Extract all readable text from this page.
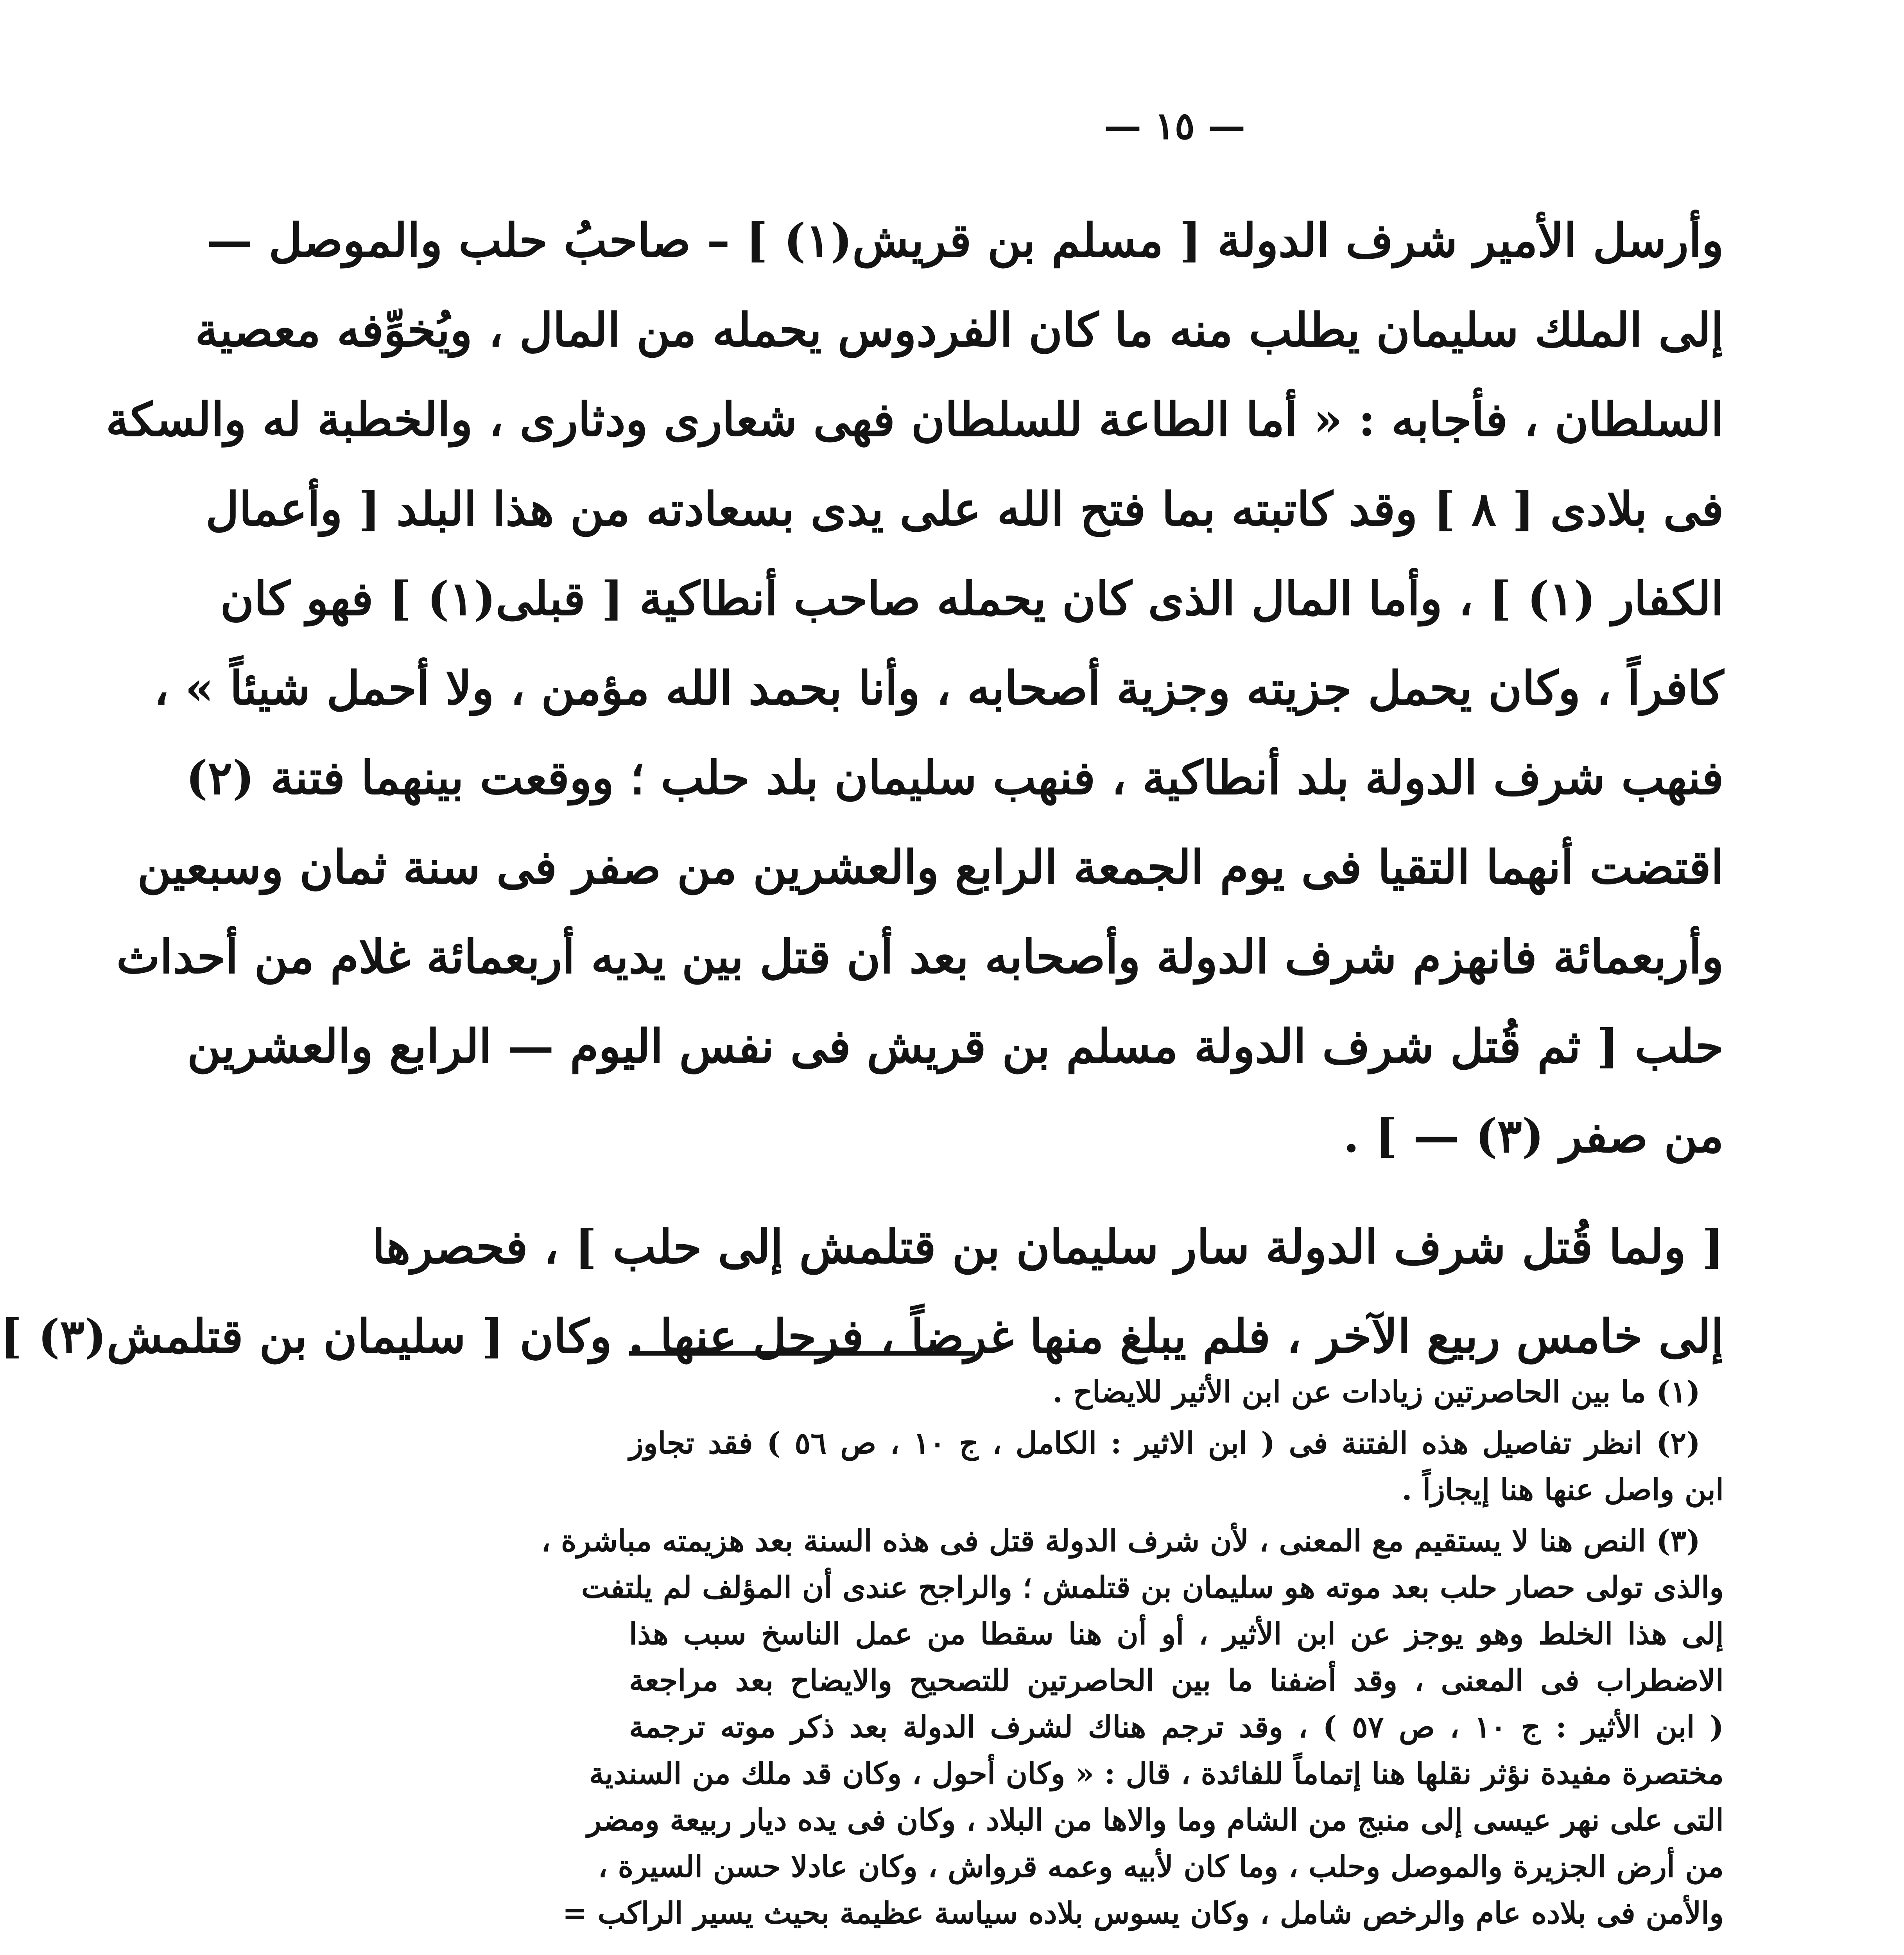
— ١٥ —
وأرسل الأمير شرف الدولة [ مسلم بن قريش(١) ] – صاحبُ حلب والموصل —
إلى الملك سليمان يطلب منه ما كان الفردوس يحمله من المال ، ويُخوِّفه معصية
السلطان ، فأجابه : « أما الطاعة للسلطان فهى شعارى ودثارى ، والخطبة له والسكة
فى بلادى [ ٨ ] وقد كاتبته بما فتح الله على يدى بسعادته من هذا البلد [ وأعمال
الكفار (١) ] ، وأما المال الذى كان يحمله صاحب أنطاكية [ قبلى(١) ] فهو كان
كافراً ، وكان يحمل جزيته وجزية أصحابه ، وأنا بحمد الله مؤمن ، ولا أحمل شيئاً » ،
فنهب شرف الدولة بلد أنطاكية ، فنهب سليمان بلد حلب ؛ ووقعت بينهما فتنة (٢)
اقتضت أنهما التقيا فى يوم الجمعة الرابع والعشرين من صفر فى سنة ثمان وسبعين
وأربعمائة فانهزم شرف الدولة وأصحابه بعد أن قتل بين يديه أربعمائة غلام من أحداث
حلب [ ثم قُتل شرف الدولة مسلم بن قريش فى نفس اليوم — الرابع والعشرين
من صفر (٣) — ] .
[ ولما قُتل شرف الدولة سار سليمان بن قتلمش إلى حلب ] ، فحصرها
إلى خامس ربيع الآخر ، فلم يبلغ منها غرضاً ، فرحل عنها . وكان [ سليمان بن قتلمش(٣) ]
(١) ما بين الحاصرتين زيادات عن ابن الأثير للايضاح .
(٢) انظر تفاصيل هذه الفتنة فى ( ابن الاثير : الكامل ، ج ١٠ ، ص ٥٦ ) فقد تجاوز
ابن واصل عنها هنا إيجازاً .
(٣) النص هنا لا يستقيم مع المعنى ، لأن شرف الدولة قتل فى هذه السنة بعد هزيمته مباشرة ،
والذى تولى حصار حلب بعد موته هو سليمان بن قتلمش ؛ والراجح عندى أن المؤلف لم يلتفت
إلى هذا الخلط وهو يوجز عن ابن الأثير ، أو أن هنا سقطا من عمل الناسخ سبب هذا
الاضطراب فى المعنى ، وقد أضفنا ما بين الحاصرتين للتصحيح والايضاح بعد مراجعة
( ابن الأثير : ج ١٠ ، ص ٥٧ ) ، وقد ترجم هناك لشرف الدولة بعد ذكر موته ترجمة
مختصرة مفيدة نؤثر نقلها هنا إتماماً للفائدة ، قال : « وكان أحول ، وكان قد ملك من السندية
التى على نهر عيسى إلى منبج من الشام وما والاها من البلاد ، وكان فى يده ديار ربيعة ومضر
من أرض الجزيرة والموصل وحلب ، وما كان لأبيه وعمه قرواش ، وكان عادلا حسن السيرة ،
والأمن فى بلاده عام والرخص شامل ، وكان يسوس بلاده سياسة عظيمة بحيث يسير الراكب =
